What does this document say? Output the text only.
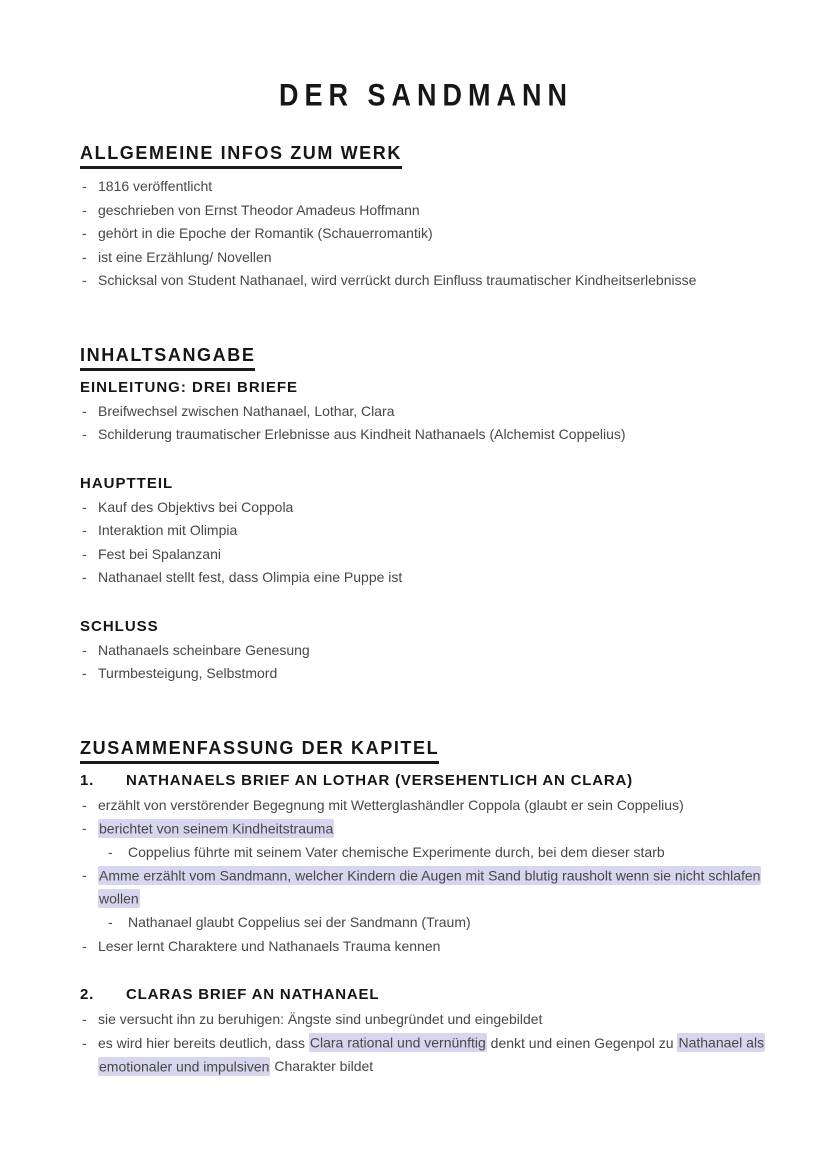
DER SANDMANN
ALLGEMEINE INFOS ZUM WERK
- 1816 veröffentlicht
- geschrieben von Ernst Theodor Amadeus Hoffmann
- gehört in die Epoche der Romantik (Schauerromantik)
- ist eine Erzählung/ Novellen
- Schicksal von Student Nathanael, wird verrückt durch Einfluss traumatischer Kindheitserlebnisse
INHALTSANGABE
EINLEITUNG: DREI BRIEFE
- Breifwechsel zwischen Nathanael, Lothar, Clara
- Schilderung traumatischer Erlebnisse aus Kindheit Nathanaels (Alchemist Coppelius)
HAUPTTEIL
- Kauf des Objektivs bei Coppola
- Interaktion mit Olimpia
- Fest bei Spalanzani
- Nathanael stellt fest, dass Olimpia eine Puppe ist
SCHLUSS
- Nathanaels scheinbare Genesung
- Turmbesteigung, Selbstmord
ZUSAMMENFASSUNG DER KAPITEL
1.	NATHANAELS BRIEF AN LOTHAR (VERSEHENTLICH AN CLARA)
- erzählt von verstörender Begegnung mit Wetterglashändler Coppola (glaubt er sein Coppelius)
- berichtet von seinem Kindheitstrauma
-	Coppelius führte mit seinem Vater chemische Experimente durch, bei dem dieser starb
- Amme erzählt vom Sandmann, welcher Kindern die Augen mit Sand blutig rausholt wenn sie nicht schlafen wollen
-	Nathanael glaubt Coppelius sei der Sandmann (Traum)
- Leser lernt Charaktere und Nathanaels Trauma kennen
2.	CLARAS BRIEF AN NATHANAEL
- sie versucht ihn zu beruhigen: Ängste sind unbegründet und eingebildet
- es wird hier bereits deutlich, dass Clara rational und vernünftig denkt und einen Gegenpol zu Nathanael als emotionaler und impulsiven Charakter bildet
